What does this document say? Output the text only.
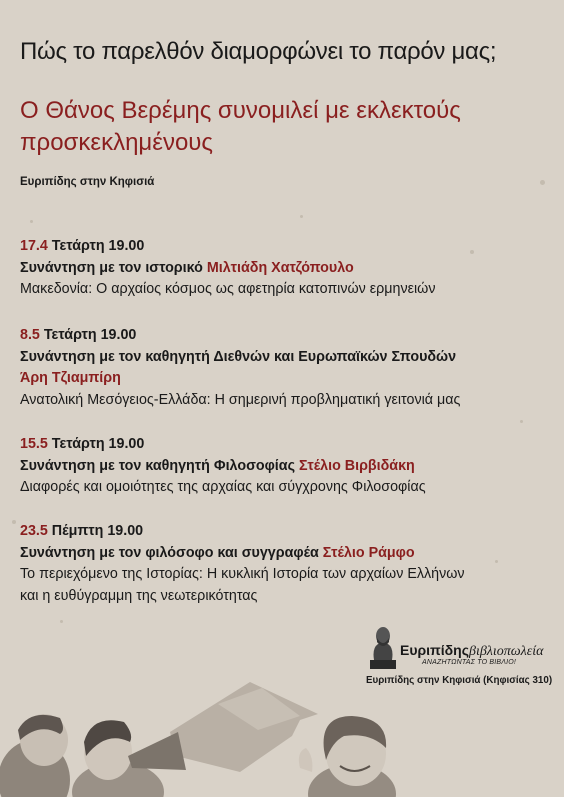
Πώς το παρελθόν διαμορφώνει το παρόν μας;
Ο Θάνος Βερέμης συνομιλεί με εκλεκτούς προσκεκλημένους
Ευριπίδης στην Κηφισιά
17.4 Τετάρτη 19.00
Συνάντηση με τον ιστορικό Μιλτιάδη Χατζόπουλο
Μακεδονία: Ο αρχαίος κόσμος ως αφετηρία κατοπινών ερμηνειών
8.5 Τετάρτη 19.00
Συνάντηση με τον καθηγητή Διεθνών και Ευρωπαϊκών Σπουδών
Άρη Τζιαμπίρη
Ανατολική Μεσόγειος-Ελλάδα: Η σημερινή προβληματική γειτονιά μας
15.5 Τετάρτη 19.00
Συνάντηση με τον καθηγητή Φιλοσοφίας Στέλιο Βιρβιδάκη
Διαφορές και ομοιότητες της αρχαίας και σύγχρονης Φιλοσοφίας
23.5 Πέμπτη 19.00
Συνάντηση με τον φιλόσοφο και συγγραφέα Στέλιο Ράμφο
Το περιεχόμενο της Ιστορίας: Η κυκλική Ιστορία των αρχαίων Ελλήνων
και η ευθύγραμμη της νεωτερικότητας
Ευριπίδηςβιβλιοπωλεία
ΑΝΑΖΗΤΩΝΤΑΣ ΤΟ ΒΙΒΛΙΟ!
Ευριπίδης στην Κηφισιά (Κηφισίας 310)
